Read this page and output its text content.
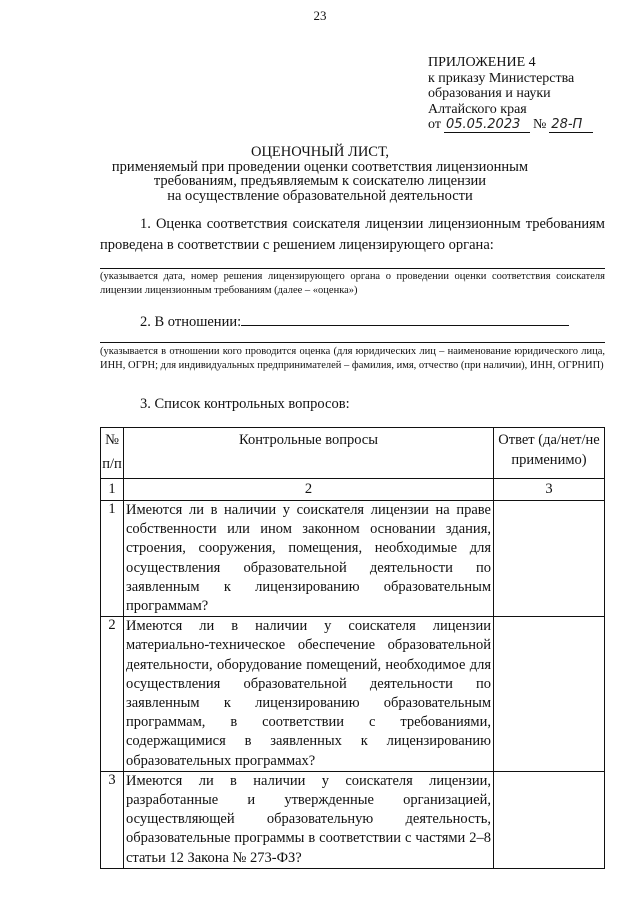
23
ПРИЛОЖЕНИЕ 4
к приказу Министерства
образования и науки
Алтайского края
от 05.05.2023 № 28-П
ОЦЕНОЧНЫЙ ЛИСТ,
применяемый при проведении оценки соответствия лицензионным
требованиям, предъявляемым к соискателю лицензии
на осуществление образовательной деятельности
1. Оценка соответствия соискателя лицензии лицензионным требованиям проведена в соответствии с решением лицензирующего органа:
(указывается дата, номер решения лицензирующего органа о проведении оценки соответствия соискателя лицензии лицензионным требованиям (далее – «оценка»)
2. В отношении:
(указывается в отношении кого проводится оценка (для юридических лиц – наименование юридического лица, ИНН, ОГРН; для индивидуальных предпринимателей – фамилия, имя, отчество (при наличии), ИНН, ОГРНИП)
3. Список контрольных вопросов:
№ п/п	Контрольные вопросы	Ответ (да/нет/не применимо)
1	2	3
1	Имеются ли в наличии у соискателя лицензии на праве собственности или ином законном основании здания, строения, сооружения, помещения, необходимые для осуществления образовательной деятельности по заявленным к лицензированию образовательным программам?	
2	Имеются ли в наличии у соискателя лицензии материально-техническое обеспечение образовательной деятельности, оборудование помещений, необходимое для осуществления образовательной деятельности по заявленным к лицензированию образовательным программам, в соответствии с требованиями, содержащимися в заявленных к лицензированию образовательных программах?	
3	Имеются ли в наличии у соискателя лицензии, разработанные и утвержденные организацией, осуществляющей образовательную деятельность, образовательные программы в соответствии с частями 2–8 статьи 12 Закона № 273-ФЗ?	
